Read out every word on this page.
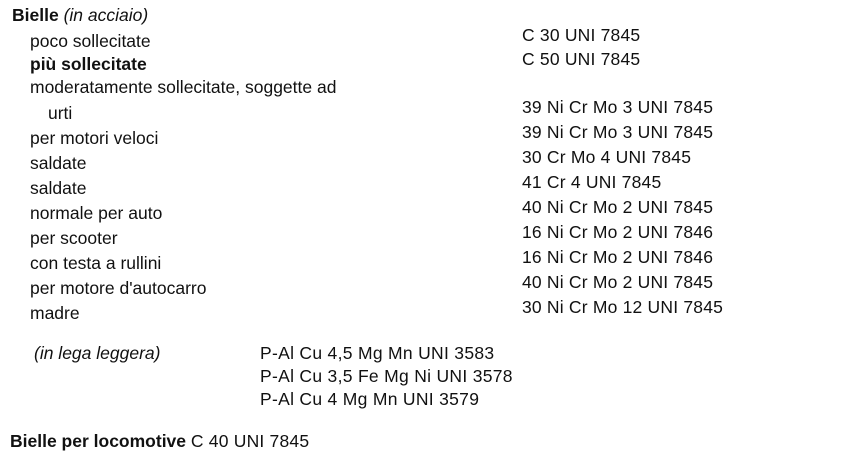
Bielle (in acciaio)
poco sollecitate	C 30 UNI 7845
più sollecitate	C 50 UNI 7845
moderatamente sollecitate, soggette ad
urti	39 Ni Cr Mo 3 UNI 7845
per motori veloci	39 Ni Cr Mo 3 UNI 7845
saldate	30 Cr Mo 4 UNI 7845
saldate	41 Cr 4 UNI 7845
normale per auto	40 Ni Cr Mo 2 UNI 7845
per scooter	16 Ni Cr Mo 2 UNI 7846
con testa a rullini	16 Ni Cr Mo 2 UNI 7846
per motore d'autocarro	40 Ni Cr Mo 2 UNI 7845
madre	30 Ni Cr Mo 12 UNI 7845
(in lega leggera)	P-Al Cu 4,5 Mg Mn UNI 3583
P-Al Cu 3,5 Fe Mg Ni UNI 3578
P-Al Cu 4 Mg Mn UNI 3579
Bielle per locomotive C 40 UNI 7845
